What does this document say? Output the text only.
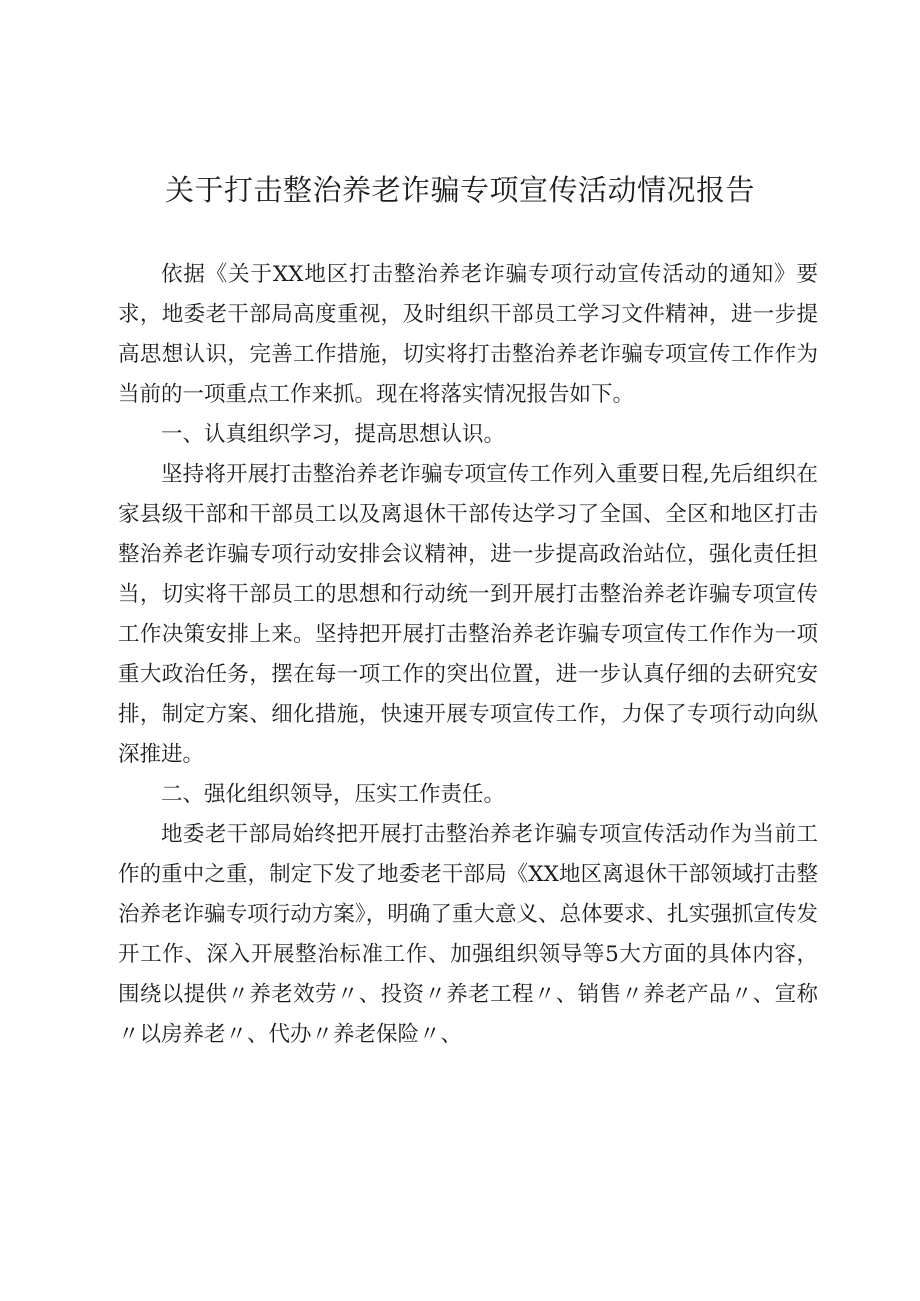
关于打击整治养老诈骗专项宣传活动情况报告

依据《关于XX地区打击整治养老诈骗专项行动宣传活动的通知》要求，地委老干部局高度重视，及时组织干部员工学习文件精神，进一步提高思想认识，完善工作措施，切实将打击整治养老诈骗专项宣传工作作为当前的一项重点工作来抓。现在将落实情况报告如下。

一、认真组织学习，提高思想认识。

坚持将开展打击整治养老诈骗专项宣传工作列入重要日程,先后组织在家县级干部和干部员工以及离退休干部传达学习了全国、全区和地区打击整治养老诈骗专项行动安排会议精神，进一步提高政治站位，强化责任担当，切实将干部员工的思想和行动统一到开展打击整治养老诈骗专项宣传工作决策安排上来。坚持把开展打击整治养老诈骗专项宣传工作作为一项重大政治任务，摆在每一项工作的突出位置，进一步认真仔细的去研究安排，制定方案、细化措施，快速开展专项宣传工作，力保了专项行动向纵深推进。

二、强化组织领导，压实工作责任。

地委老干部局始终把开展打击整治养老诈骗专项宣传活动作为当前工作的重中之重，制定下发了地委老干部局《XX地区离退休干部领域打击整治养老诈骗专项行动方案》，明确了重大意义、总体要求、扎实强抓宣传发开工作、深入开展整治标准工作、加强组织领导等5大方面的具体内容，围绕以提供〃养老效劳〃、投资〃养老工程〃、销售〃养老产品〃、宣称〃以房养老〃、代办〃养老保险〃、
